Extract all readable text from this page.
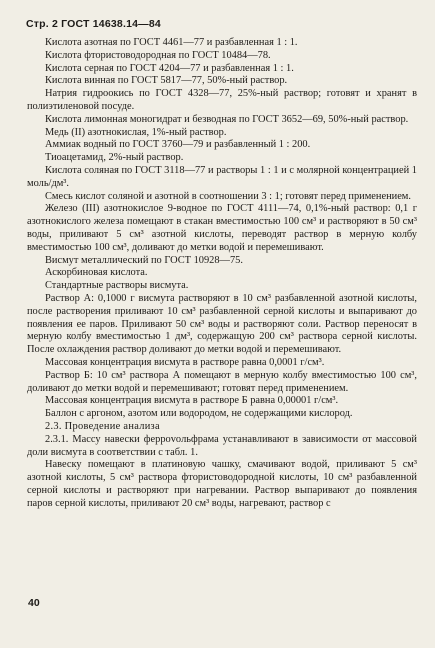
Стр. 2 ГОСТ 14638.14—84

Кислота азотная по ГОСТ 4461—77 и разбавленная 1 : 1.

Кислота фтористоводородная по ГОСТ 10484—78.

Кислота серная по ГОСТ 4204—77 и разбавленная 1 : 1.

Кислота винная по ГОСТ 5817—77, 50%-ный раствор.

Натрия гидроокись по ГОСТ 4328—77, 25%-ный раствор; готовят и хранят в полиэтиленовой посуде.

Кислота лимонная моногидрат и безводная по ГОСТ 3652—69, 50%-ный раствор.

Медь (II) азотнокислая, 1%-ный раствор.

Аммиак водный по ГОСТ 3760—79 и разбавленный 1 : 200.

Тиоацетамид, 2%-ный раствор.

Кислота соляная по ГОСТ 3118—77 и растворы 1 : 1 и с молярной концентрацией 1 моль/дм³.

Смесь кислот соляной и азотной в соотношении 3 : 1; готовят перед применением.

Железо (III) азотнокислое 9-водное по ГОСТ 4111—74, 0,1%-ный раствор: 0,1 г азотнокислого железа помещают в стакан вместимостью 100 см³ и растворяют в 50 см³ воды, приливают 5 см³ азотной кислоты, переводят раствор в мерную колбу вместимостью 100 см³, доливают до метки водой и перемешивают.

Висмут металлический по ГОСТ 10928—75.

Аскорбиновая кислота.

Стандартные растворы висмута.

Раствор А: 0,1000 г висмута растворяют в 10 см³ разбавленной азотной кислоты, после растворения приливают 10 см³ разбавленной серной кислоты и выпаривают до появления ее паров. Приливают 50 см³ воды и растворяют соли. Раствор переносят в мерную колбу вместимостью 1 дм³, содержащую 200 см³ раствора серной кислоты. После охлаждения раствор доливают до метки водой и перемешивают.

Массовая концентрация висмута в растворе равна 0,0001 г/см³.

Раствор Б: 10 см³ раствора А помещают в мерную колбу вместимостью 100 см³, доливают до метки водой и перемешивают; готовят перед применением.

Массовая концентрация висмута в растворе Б равна 0,00001 г/см³.

Баллон с аргоном, азотом или водородом, не содержащими кислород.

2.3. Проведение анализа

2.3.1. Массу навески феррovoльфрама устанавливают в зависимости от массовой доли висмута в соответствии с табл. 1.

Навеску помещают в платиновую чашку, смачивают водой, приливают 5 см³ азотной кислоты, 5 см³ раствора фтористоводородной кислоты, 10 см³ разбавленной серной кислоты и растворяют при нагревании. Раствор выпаривают до появления паров серной кислоты, приливают 20 см³ воды, нагревают, раствор с

40
